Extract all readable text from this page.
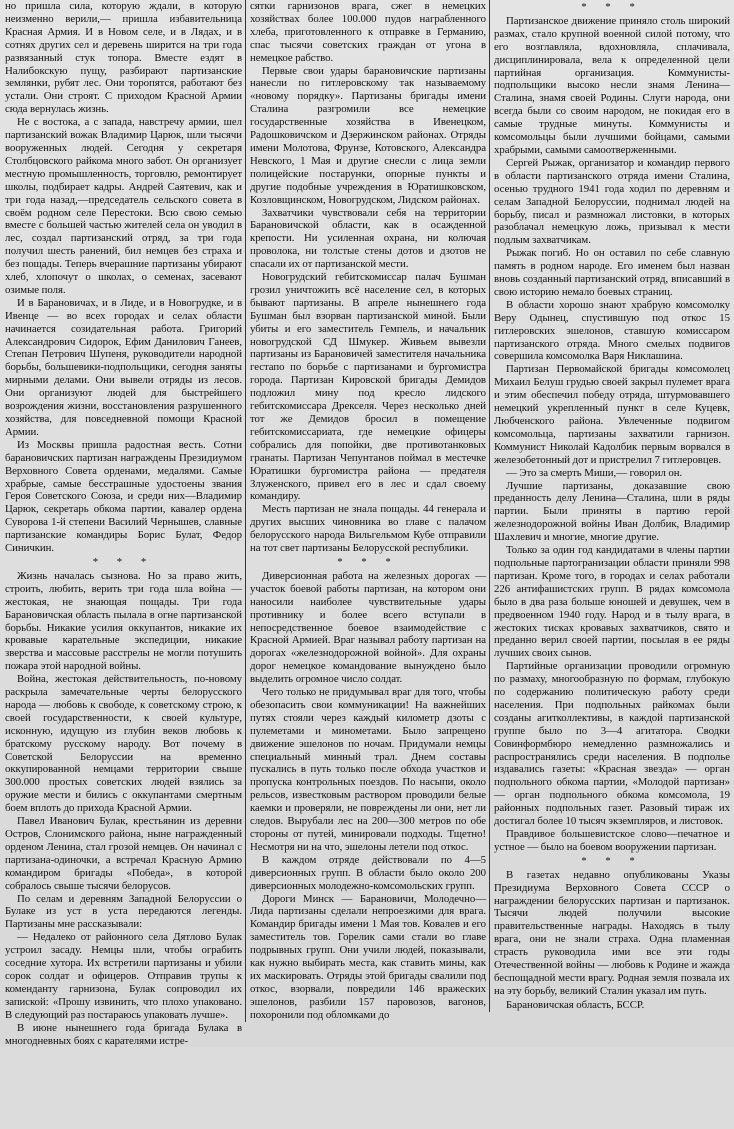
но пришла сила, которую ждали, в которую неизменно верили,— пришла избавительница Красная Армия. И в Новом селе, и в Лядах, и в сотнях других сел и деревень ширится на три года развязанный стук топора. Вместе ездят в Налибокскую пущу, разбирают партизанские землянки, рубят лес. Они торопятся, работают без устали. Они строят. С приходом Красной Армии сюда вернулась жизнь.

Не с востока, а с запада, навстречу армии, шел партизанский вожак Владимир Царюк, шли тысячи вооруженных людей. Сегодня у секретаря Столбцовского райкома много забот. Он организует местную промышленность, торговлю, ремонтирует школы, подбирает кадры. Андрей Саятевич, как и три года назад,—председатель сельского совета в своём родном селе Перестоки. Всю свою семью вместе с большей частью жителей села он уводил в лес, создал партизанский отряд, за три года получил шесть ранений, бил немцев без страха и без пощады. Теперь вчерашние партизаны убирают хлеб, хлопочут о школах, о семенах, засевают озимые поля.

И в Барановичах, и в Лиде, и в Новогрудке, и в Ивенце — во всех городах и селах области начинается созидательная работа. Григорий Александрович Сидорок, Ефим Данилович Ганеев, Степан Петрович Шупеня, руководители народной борьбы, большевики-подпольщики, сегодня заняты мирными делами. Они вывели отряды из лесов. Они организуют людей для быстрейшего возрождения жизни, восстановления разрушенного хозяйства, для повседневной помощи Красной Армии.

Из Москвы пришла радостная весть. Сотни барановичских партизан награждены Президиумом Верховного Совета орденами, медалями. Самые храбрые, самые бесстрашные удостоены звания Героя Советского Союза, и среди них—Владимир Царюк, секретарь обкома партии, кавалер ордена Суворова 1-й степени Василий Чернышев, славные партизанские командиры Борис Булат, Федор Синичкин.

* * *

Жизнь началась сызнова. Но за право жить, строить, любить, верить три года шла война — жестокая, не знающая пощады. Три года Барановичская область пылала в огне партизанской борьбы. Никакие усилия оккупантов, никакие их кровавые карательные экспедиции, никакие зверства и массовые расстрелы не могли потушить пожара этой народной войны.

Война, жестокая действительность, по-новому раскрыла замечательные черты белорусского народа — любовь к свободе, к советскому строю, к своей государственности, к своей культуре, исконную, идущую из глубин веков любовь к братскому русскому народу. Вот почему в Советской Белоруссии на временно оккупированной немцами территории свыше 300.000 простых советских людей взялись за оружие мести и бились с оккупантами смертным боем вплоть до прихода Красной Армии.

Павел Иванович Булак, крестьянин из деревни Остров, Слонимского района, ныне награжденный орденом Ленина, стал грозой немцев. Он начинал с партизана-одиночки, а встречал Красную Армию командиром бригады «Победа», в которой собралось свыше тысячи белорусов.

По селам и деревням Западной Белоруссии о Булаке из уст в уста передаются легенды. Партизаны мне рассказывали:

— Недалеко от районного села Дятлово Булак устроил засаду. Немцы шли, чтобы ограбить соседние хутора. Их встретили партизаны и убили сорок солдат и офицеров. Отправив трупы к коменданту гарнизона, Булак сопроводил их запиской: «Прошу извинить, что плохо упаковано. В следующий раз постараюсь упаковать лучше».

В июне нынешнего года бригада Булака в многодневных боях с карателями истре-

сятки гарнизонов врага, сжег в немецких хозяйствах более 100.000 пудов награбленного хлеба, приготовленного к отправке в Германию, спас тысячи советских граждан от угона в немецкое рабство.

Первые свои удары барановичские партизаны нанесли по гитлеровскому так называемому «новому порядку». Партизаны бригады имени Сталина разгромили все немецкие государственные хозяйства в Ивенецком, Радошковичском и Дзержинском районах. Отряды имени Молотова, Фрунзе, Котовского, Александра Невского, 1 Мая и другие снесли с лица земли полицейские постарунки, опорные пункты и другие подобные учреждения в Юратишковском, Козловщинском, Новогрудском, Лидском районах.

Захватчики чувствовали себя на территории Барановичской области, как в осажденной крепости. Ни усиленная охрана, ни колючая проволока, ни толстые стены дотов и дзотов не спасали их от партизанской мести.

Новогрудский гебитскомиссар палач Бушман грозил уничтожить всё население сел, в которых бывают партизаны. В апреле нынешнего года Бушман был взорван партизанской миной. Были убиты и его заместитель Гемпель, и начальник новогрудской СД Шмукер. Живьем вывезли партизаны из Барановичей заместителя начальника гестапо по борьбе с партизанами и бургомистра города. Партизан Кировской бригады Демидов подложил мину под кресло лидского гебитскомиссара Дрекселя. Через несколько дней тот же Демидов бросил в помещение гебитскомиссариата, где немецкие офицеры собрались для попойки, две противотанковых гранаты. Партизан Чепунтанов поймал в местечке Юратишки бургомистра района — предателя Злуженского, привел его в лес и сдал своему командиру.

Месть партизан не знала пощады. 44 генерала и других высших чиновника во главе с палачом белорусского народа Вильгельмом Кубе отправили на тот свет партизаны Белорусской республики.

* * *

Диверсионная работа на железных дорогах — участок боевой работы партизан, на котором они наносили наиболее чувствительные удары противнику и более всего вступали в непосредственное боевое взаимодействие с Красной Армией. Враг называл работу партизан на дорогах «железнодорожной войной». Для охраны дорог немецкое командование вынуждено было выделить огромное число солдат.

Чего только не придумывал враг для того, чтобы обезопасить свои коммуникации! На важнейших путях стояли через каждый километр дзоты с пулеметами и минометами. Было запрещено движение эшелонов по ночам. Придумали немцы специальный минный трал. Днем составы пускались в путь только после обхода участков и пропуска контрольных поездов. По насыпи, около рельсов, известковым раствором проводили белые каемки и проверяли, не повреждены ли они, нет ли следов. Вырубали лес на 200—300 метров по обе стороны от путей, минировали подходы. Тщетно! Несмотря ни на что, эшелоны летели под откос.

В каждом отряде действовали по 4—5 диверсионных групп. В области было около 200 диверсионных молодежно-комсомольских групп.

Дороги Минск — Барановичи, Молодечно—Лида партизаны сделали непроезжими для врага. Командир бригады имени 1 Мая тов. Ковалев и его заместитель тов. Горелик сами стали во главе подрывных групп. Они учили людей, показывали, как нужно выбирать места, как ставить мины, как их маскировать. Отряды этой бригады свалили под откос, взорвали, повредили 146 вражеских эшелонов, разбили 157 паровозов, вагонов, похоронили под обломками до

* * *

Партизанское движение приняло столь широкий размах, стало крупной военной силой потому, что его возглавляла, вдохновляла, сплачивала, дисциплинировала, вела к определенной цели партийная организация. Коммунисты-подпольщики высоко несли знамя Ленина—Сталина, знамя своей Родины. Слуги народа, они всегда были со своим народом, не покидая его в самые трудные минуты. Коммунисты и комсомольцы были лучшими бойцами, самыми храбрыми, самыми самоотверженными.

Сергей Рыжак, организатор и командир первого в области партизанского отряда имени Сталина, осенью трудного 1941 года ходил по деревням и селам Западной Белоруссии, поднимал людей на борьбу, писал и размножал листовки, в которых разоблачал немецкую ложь, призывал к мести подлым захватчикам.

Рыжак погиб. Но он оставил по себе славную память в родном народе. Его именем был назван вновь созданный партизанский отряд, вписавший в свою историю немало боевых страниц.

В области хорошо знают храбрую комсомолку Веру Одынец, спустившую под откос 15 гитлеровских эшелонов, ставшую комиссаром партизанского отряда. Много смелых подвигов совершила комсомолка Варя Никлашина.

Партизан Первомайской бригады комсомолец Михаил Белуш грудью своей закрыл пулемет врага и этим обеспечил победу отряда, штурмовавшего немецкий укрепленный пункт в селе Куцевк, Любченского района. Увлеченные подвигом комсомольца, партизаны захватили гарнизон. Коммунист Николай Кадолбик первым ворвался в железобетонный дот и пристрелил 7 гитлеровцев.

— Это за смерть Миши,— говорил он.

Лучшие партизаны, доказавшие свою преданность делу Ленина—Сталина, шли в ряды партии. Были приняты в партию герой железнодорожной войны Иван Долбик, Владимир Шахлевич и многие, многие другие.

Только за один год кандидатами в члены партии подпольные партогранизации области приняли 998 партизан. Кроме того, в городах и селах работали 226 антифашистских групп. В рядах комсомола было в два раза больше юношей и девушек, чем в предвоенном 1940 году. Народ и в тылу врага, в жестоких тисках кровавых захватчиков, свято и преданно верил своей партии, посылая в ее ряды лучших своих сынов.

Партийные организации проводили огромную по размаху, многообразную по формам, глубокую по содержанию политическую работу среди населения. При подпольных райкомах были созданы агитколлективы, в каждой партизанской группе было по 3—4 агитатора. Сводки Совинформбюро немедленно размножались и распространялись среди населения. В подполье издавались газеты: «Красная звезда» — орган подпольного обкома партии, «Молодой партизан» — орган подпольного обкома комсомола, 19 районных подпольных газет. Разовый тираж их достигал более 10 тысяч экземпляров, и листовок.

Правдивое большевистское слово—печатное и устное — было на боевом вооружении партизан.

* * *

В газетах недавно опубликованы Указы Президиума Верховного Совета СССР о награждении белорусских партизан и партизанок. Тысячи людей получили высокие правительственные награды. Находясь в тылу врага, они не знали страха. Одна пламенная страсть руководила ими все эти годы Отечественной войны — любовь к Родине и жажда беспощадной мести врагу. Родная земля позвала их на эту борьбу, великий Сталин указал им путь.

Барановичская область, БССР.
